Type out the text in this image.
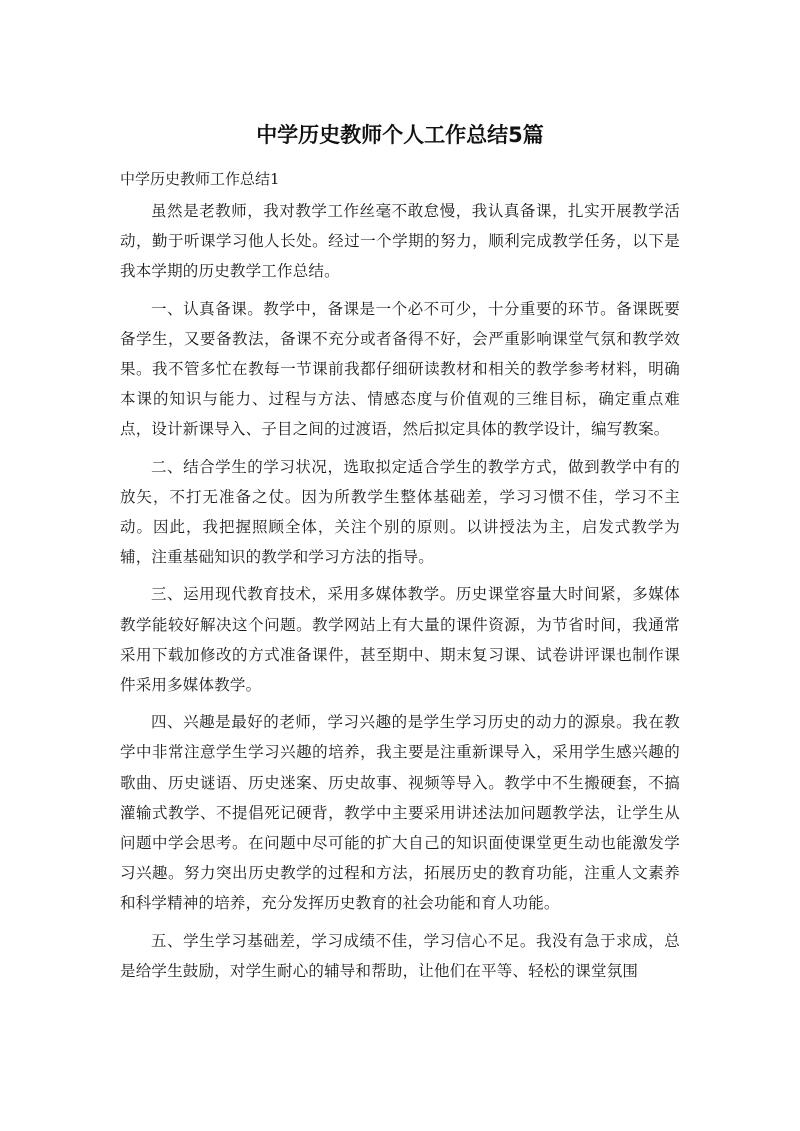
中学历史教师个人工作总结5篇
中学历史教师工作总结1

虽然是老教师，我对教学工作丝毫不敢怠慢，我认真备课，扎实开展教学活动，勤于听课学习他人长处。经过一个学期的努力，顺利完成教学任务，以下是我本学期的历史教学工作总结。

一、认真备课。教学中，备课是一个必不可少，十分重要的环节。备课既要备学生，又要备教法，备课不充分或者备得不好，会严重影响课堂气氛和教学效果。我不管多忙在教每一节课前我都仔细研读教材和相关的教学参考材料，明确本课的知识与能力、过程与方法、情感态度与价值观的三维目标，确定重点难点，设计新课导入、子目之间的过渡语，然后拟定具体的教学设计，编写教案。

二、结合学生的学习状况，选取拟定适合学生的教学方式，做到教学中有的放矢，不打无准备之仗。因为所教学生整体基础差，学习习惯不佳，学习不主动。因此，我把握照顾全体，关注个别的原则。以讲授法为主，启发式教学为辅，注重基础知识的教学和学习方法的指导。

三、运用现代教育技术，采用多媒体教学。历史课堂容量大时间紧，多媒体教学能较好解决这个问题。教学网站上有大量的课件资源，为节省时间，我通常采用下载加修改的方式准备课件，甚至期中、期末复习课、试卷讲评课也制作课件采用多媒体教学。

四、兴趣是最好的老师，学习兴趣的是学生学习历史的动力的源泉。我在教学中非常注意学生学习兴趣的培养，我主要是注重新课导入，采用学生感兴趣的歌曲、历史谜语、历史迷案、历史故事、视频等导入。教学中不生搬硬套，不搞灌输式教学、不提倡死记硬背，教学中主要采用讲述法加问题教学法，让学生从问题中学会思考。在问题中尽可能的扩大自己的知识面使课堂更生动也能激发学习兴趣。努力突出历史教学的过程和方法，拓展历史的教育功能，注重人文素养和科学精神的培养，充分发挥历史教育的社会功能和育人功能。

五、学生学习基础差，学习成绩不佳，学习信心不足。我没有急于求成，总是给学生鼓励，对学生耐心的辅导和帮助，让他们在平等、轻松的课堂氛围
